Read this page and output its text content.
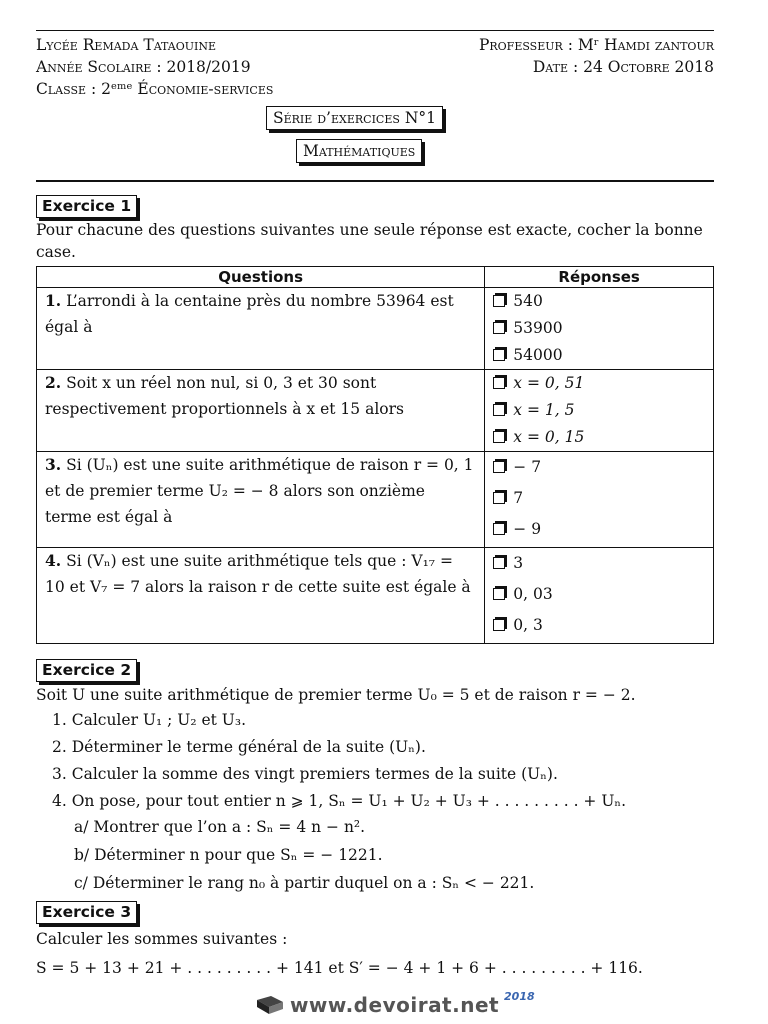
Lycée Remada Tataouine	Professeur : Mʳ Hamdi zantour
Année Scolaire : 2018/2019	Date : 24 Octobre 2018
Classe : 2ᵉᵐᵉ Économie-services
Série d’exercices N°1
Mathématiques
Exercice 1
Pour chacune des questions suivantes une seule réponse est exacte, cocher la bonne case.
Questions	Réponses
1. L’arrondi à la centaine près du nombre 53964 est égal à	540
53900
54000

2. Soit x un réel non nul, si 0, 3 et 30 sont respectivement proportionnels à x et 15 alors	x = 0, 51
x = 1, 5
x = 0, 15

3. Si (Uₙ) est une suite arithmétique de raison r = 0, 1 et de premier terme U₂ = − 8 alors son onzième terme est égal à	− 7
7
− 9

4. Si (Vₙ) est une suite arithmétique tels que : V₁₇ = 10 et V₇ = 7 alors la raison r de cette suite est égale à	3
0, 03
0, 3
Exercice 2
Soit U une suite arithmétique de premier terme U₀ = 5 et de raison r = − 2.
1. Calculer U₁ ; U₂ et U₃.
2. Déterminer le terme général de la suite (Uₙ).
3. Calculer la somme des vingt premiers termes de la suite (Uₙ).
4. On pose, pour tout entier n ⩾ 1, Sₙ = U₁ + U₂ + U₃ + . . . . . . . . . + Uₙ.
a/ Montrer que l’on a : Sₙ = 4 n − n².
b/ Déterminer n pour que Sₙ = − 1221.
c/ Déterminer le rang n₀ à partir duquel on a : Sₙ < − 221.
Exercice 3
Calculer les sommes suivantes :
S = 5 + 13 + 21 + . . . . . . . . . + 141 et S′ = − 4 + 1 + 6 + . . . . . . . . . + 116.
www.devoirat.net $^{2018}$
